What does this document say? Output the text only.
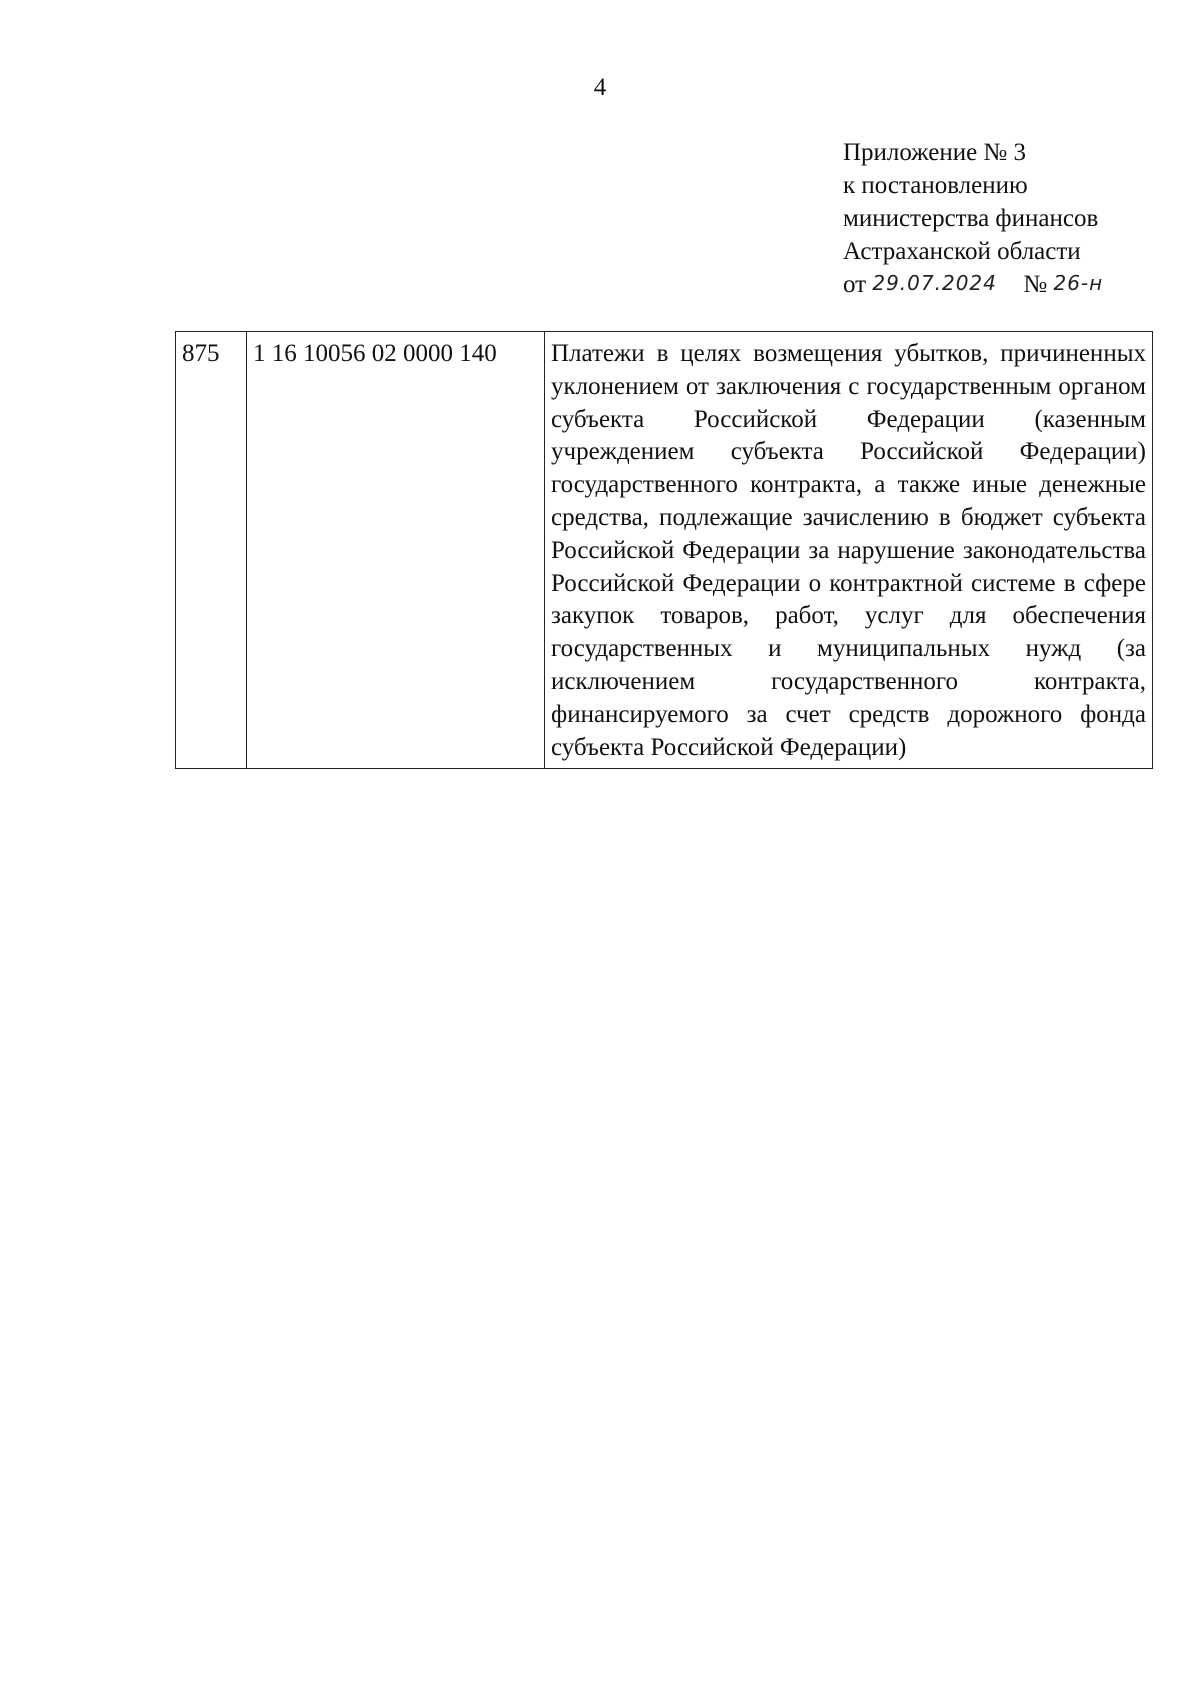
4
Приложение № 3
к постановлению
министерства финансов
Астраханской области
от 29.07.2024 № 26-н
875	1 16 10056 02 0000 140	Платежи в целях возмещения убытков, причиненных уклонением от заключения с государственным органом субъекта Российской Федерации (казенным учреждением субъекта Российской Федерации) государственного контракта, а также иные денежные средства, подлежащие зачислению в бюджет субъекта Российской Федерации за нарушение законодательства Российской Федерации о контрактной системе в сфере закупок товаров, работ, услуг для обеспечения государственных и муниципальных нужд (за исключением государственного контракта, финансируемого за счет средств дорожного фонда субъекта Российской Федерации)
